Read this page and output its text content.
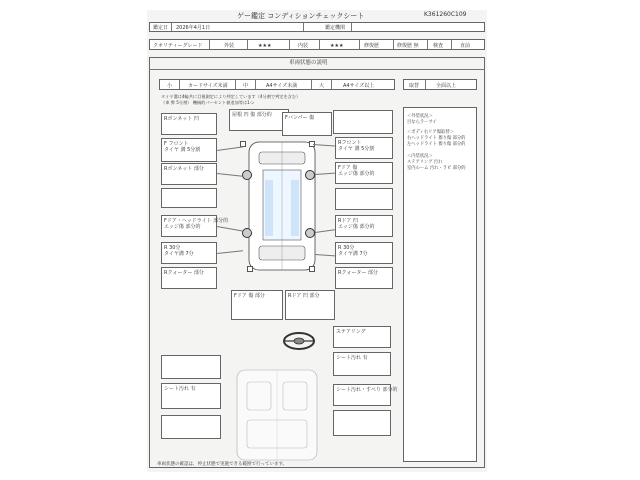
ゲー鑑定 コンディションチェックシート	K361260C109
鑑定日 2026年4月1日	鑑定機関
クオリティーグレード	外装	★★★	内装	★★★	修復歴	修復歴 無	検査	直前
車両状態の説明
小	カードサイズ未満	中	A4サイズ未満	大	A4サイズ以上	取替	全面以上
タイヤ溝は4輪共に目視測定により判定しています（4分割で判定を含む）
（車 弊 5分割） 機械的パーセント値追加等は1つ
＜外装状況＞
目ならラーサイ
＜ボディ右リア傷取替＞
右ヘッドライト 擦り傷 部分的
左ヘッドライト 擦り傷 部分的
＜内装状況＞
ステアリング 汚れ
室内ルーム 汚れ・ラビ 部分的
Rボンネット 凹
屋根 凹 傷 部分的	Fバンパー 傷
F フロント
タイヤ 溝 5分割
Rボンネット 部分
Fドア・ヘッドライト 部分的
エッジ傷 部分的
R 30分
タイヤ溝 7分
Rクォーター 部分
Rフロント
タイヤ 溝 5分割
Fドア 傷
エッジ傷 部分的
Rドア 凹
エッジ傷 部分的
R 30分
タイヤ溝 7分
Rクォーター 部分
Fドア 傷 部分	Rドア 凹 部分
ステアリング
シート汚れ 有
シート汚れ 有	シート汚れ・すべり 部分的
車両状態の確認は、停止状態で実施できる範囲で行っています。
